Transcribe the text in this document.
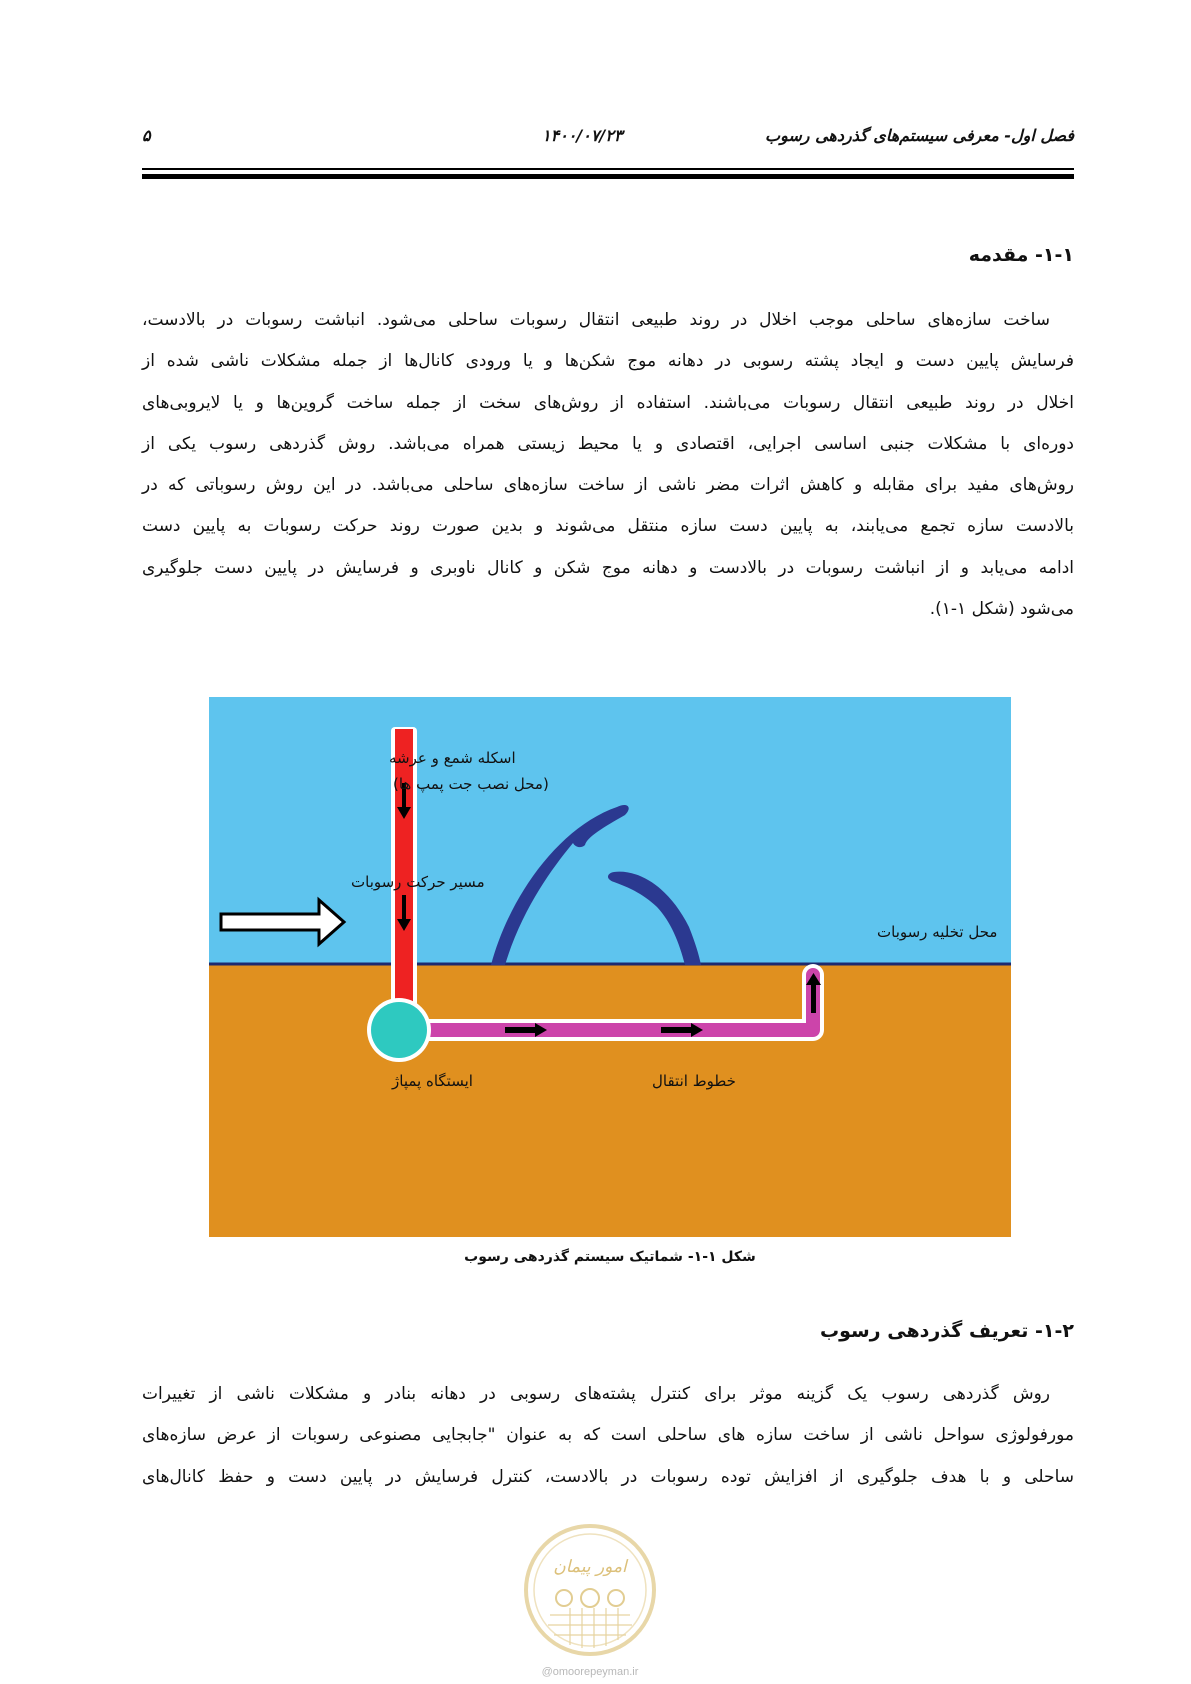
فصل اول- معرفی سیستم‌های گذردهی رسوب
۱۴۰۰/۰۷/۲۳
۵
۱-۱- مقدمه
ساخت سازه‌های ساحلی موجب اخلال در روند طبیعی انتقال رسوبات ساحلی می‌شود. انباشت رسوبات در بالادست،
فرسایش پایین دست و ایجاد پشته رسوبی در دهانه موج شکن‌ها و یا ورودی کانال‌ها از جمله مشکلات ناشی شده از
اخلال در روند طبیعی انتقال رسوبات می‌باشند. استفاده از روش‌های سخت از جمله ساخت گروین‌ها و یا لایروبی‌های
دوره‌ای با مشکلات جنبی اساسی اجرایی، اقتصادی و یا محیط زیستی همراه می‌باشد. روش گذردهی رسوب یکی از
روش‌های مفید برای مقابله و کاهش اثرات مضر ناشی از ساخت سازه‌های ساحلی می‌باشد. در این روش رسوباتی که در
بالادست سازه تجمع می‌یابند، به پایین دست سازه منتقل می‌شوند و بدین صورت روند حرکت رسوبات به پایین دست
ادامه می‌یابد و از انباشت رسوبات در بالادست و دهانه موج شکن و کانال ناوبری و فرسایش در پایین دست جلوگیری
می‌شود (شکل ۱-۱).
اسکله شمع و عرشه
(محل نصب جت پمپ ها)
مسیر حرکت رسوبات
محل تخلیه رسوبات
ایستگاه پمپاژ	خطوط انتقال
شکل ۱-۱- شماتیک سیستم گذردهی رسوب
۱-۲- تعریف گذردهی رسوب
روش گذردهی رسوب یک گزینه موثر برای کنترل پشته‌های رسوبی در دهانه بنادر و مشکلات ناشی از تغییرات
مورفولوژی سواحل ناشی از ساخت سازه های ساحلی است که به عنوان "جابجایی مصنوعی رسوبات از عرض سازه‌های
ساحلی و با هدف جلوگیری از افزایش توده رسوبات در بالادست، کنترل فرسایش در پایین دست و حفظ کانال‌های
امور پیمان
@omoorepeyman.ir
